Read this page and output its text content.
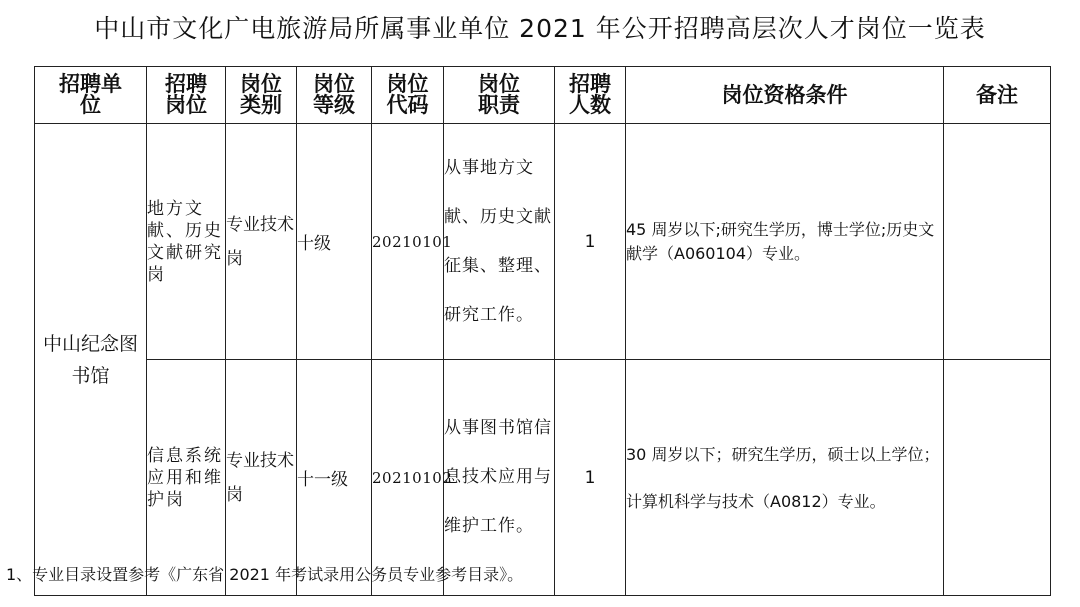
中山市文化广电旅游局所属事业单位 2021 年公开招聘高层次人才岗位一览表
招聘单位	招聘岗位	岗位类别	岗位等级	岗位代码	岗位职责	招聘人数	岗位资格条件	备注
中山纪念图书馆	地方文献、历史文献研究岗	专业技术岗	十级	20210101	从事地方文献、历史文献征集、整理、研究工作。	1	45 周岁以下;研究生学历，博士学位;历史文献学（A060104）专业。	
	信息系统应用和维护岗	专业技术岗	十一级	20210102	从事图书馆信息技术应用与维护工作。	1	30 周岁以下；研究生学历，硕士以上学位；计算机科学与技术（A0812）专业。	
1、专业目录设置参考《广东省 2021 年考试录用公务员专业参考目录》。
